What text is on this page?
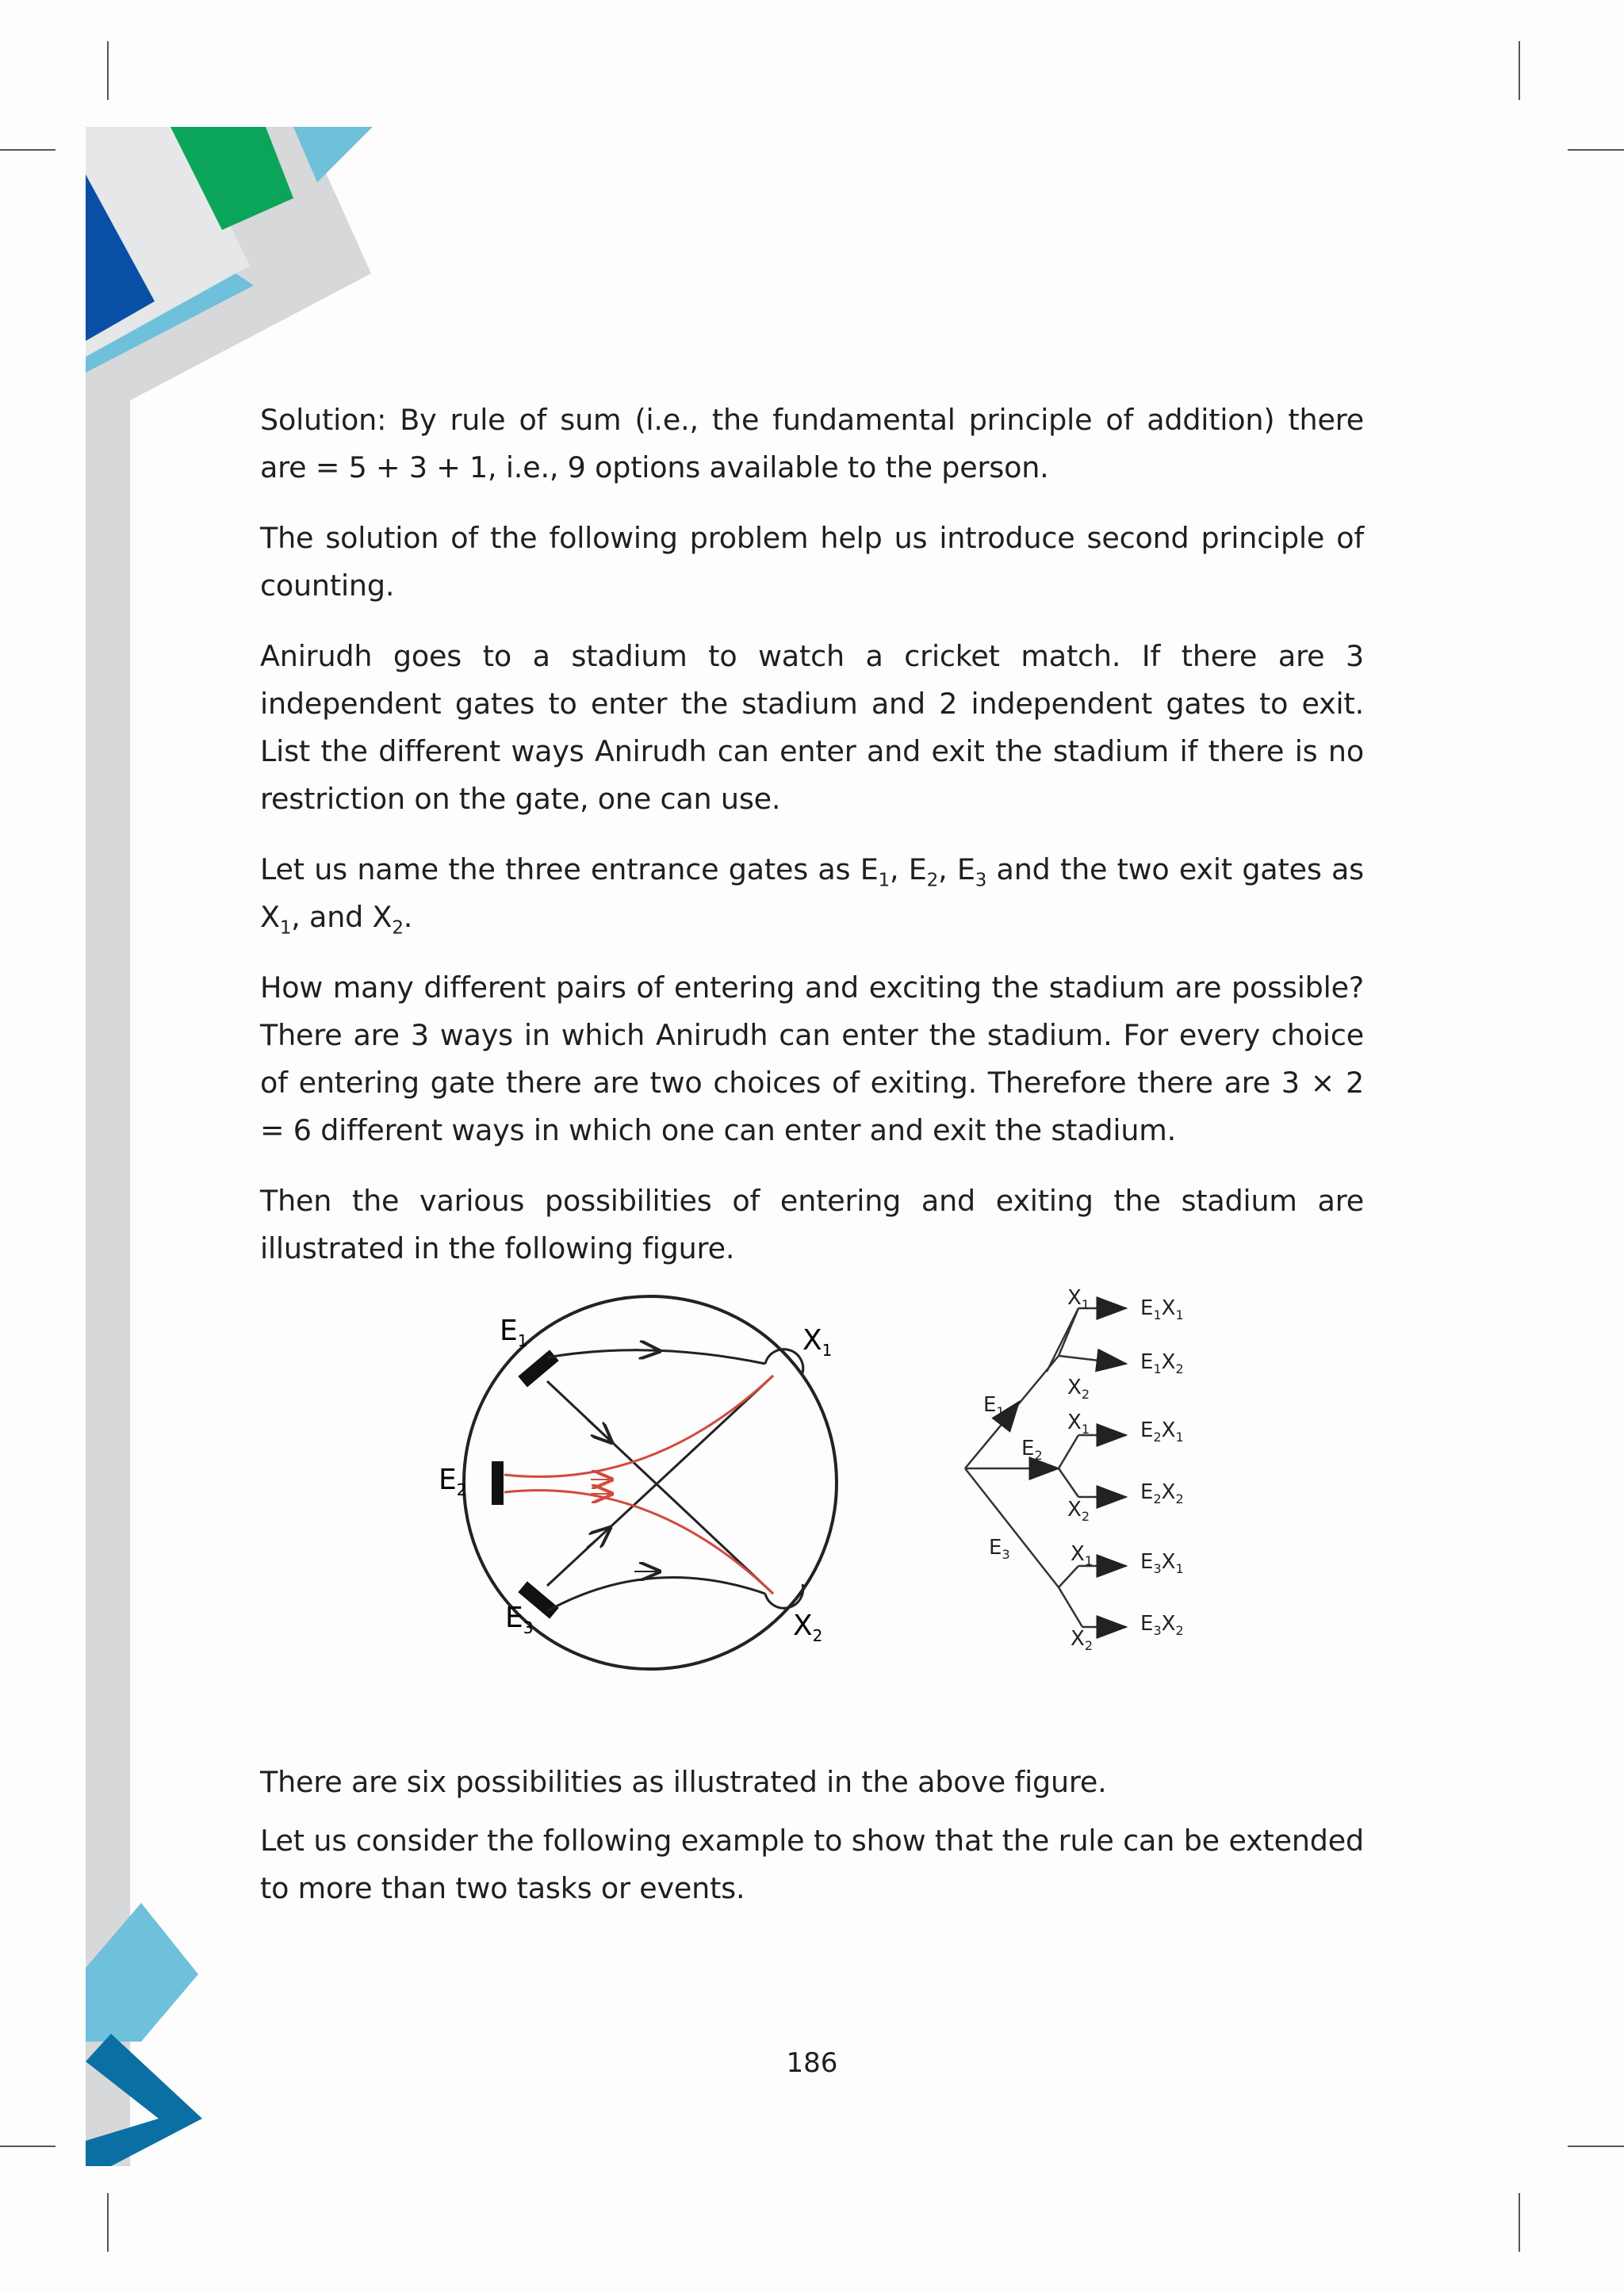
Solution: By rule of sum (i.e., the fundamental principle of addition) there are = 5 + 3 + 1, i.e., 9 options available to the person.

The solution of the following problem help us introduce second principle of counting.

Anirudh goes to a stadium to watch a cricket match. If there are 3 independent gates to enter the stadium and 2 independent gates to exit. List the different ways Anirudh can enter and exit the stadium if there is no restriction on the gate, one can use.

Let us name the three entrance gates as $E_1$, $E_2$, $E_3$ and the two exit gates as $X_1$, and $X_2$.

How many different pairs of entering and exciting the stadium are possible? There are 3 ways in which Anirudh can enter the stadium. For every choice of entering gate there are two choices of exiting. Therefore there are 3 × 2 = 6 different ways in which one can enter and exit the stadium.

Then the various possibilities of entering and exiting the stadium are illustrated in the following figure.

$E_1$
$E_2$
$E_3$
$X_1$
$X_2$
$E_1$
$E_2$
$E_3$
$X_1$
$X_2$
$X_1$
$X_2$
$X_1$
$X_2$
$E_1X_1$
$E_1X_2$
$E_2X_1$
$E_2X_2$
$E_3X_1$
$E_3X_2$

There are six possibilities as illustrated in the above figure.

Let us consider the following example to show that the rule can be extended to more than two tasks or events.

186
